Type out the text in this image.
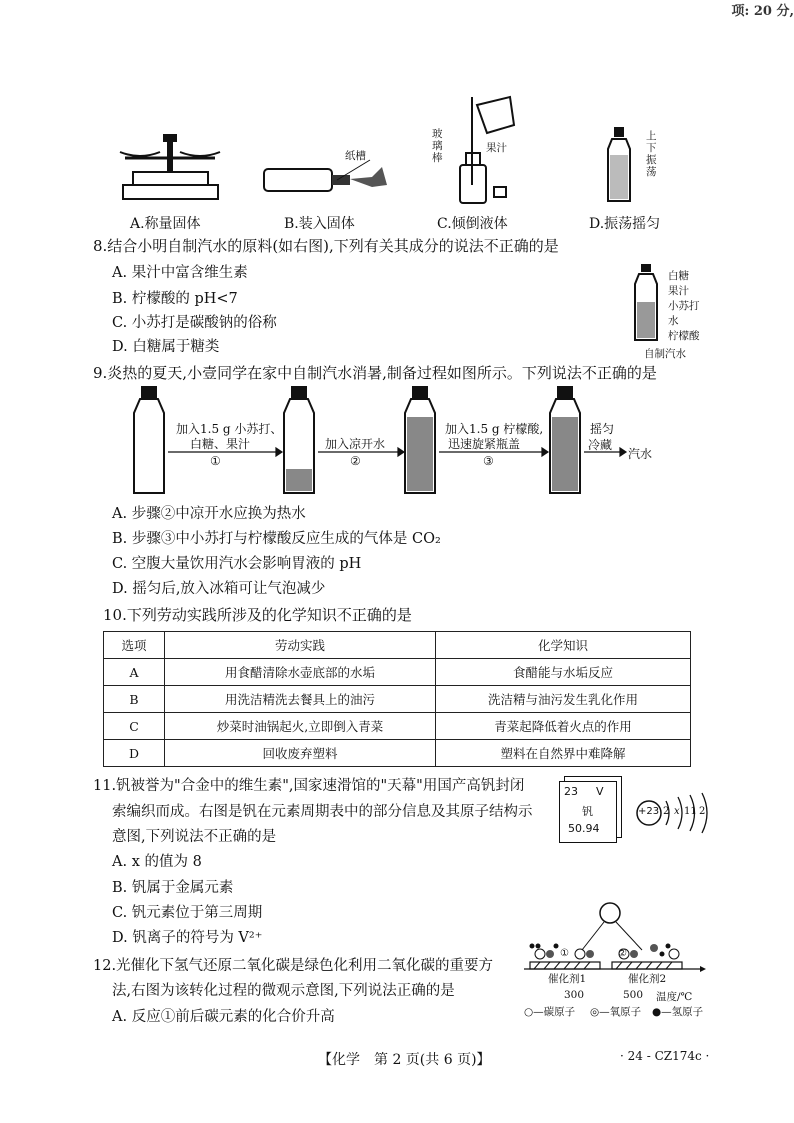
项: 20 分,
A.称量固体
纸槽
B.装入固体
玻璃棒
果汁
C.倾倒液体
上下振荡
D.振荡摇匀
8.结合小明自制汽水的原料(如右图),下列有关其成分的说法不正确的是
A. 果汁中富含维生素
B. 柠檬酸的 pH<7
C. 小苏打是碳酸钠的俗称
D. 白糖属于糖类
白糖
果汁
小苏打
水
柠檬酸
自制汽水
9.炎热的夏天,小壹同学在家中自制汽水消暑,制备过程如图所示。下列说法不正确的是
加入1.5 g 小苏打、
白糖、果汁
①
加入凉开水
②
加入1.5 g 柠檬酸,
迅速旋紧瓶盖
③
摇匀
冷藏
汽水
A. 步骤②中凉开水应换为热水
B. 步骤③中小苏打与柠檬酸反应生成的气体是 CO₂
C. 空腹大量饮用汽水会影响胃液的 pH
D. 摇匀后,放入冰箱可让气泡减少
10.下列劳动实践所涉及的化学知识不正确的是
选项	劳动实践	化学知识
A	用食醋清除水壶底部的水垢	食醋能与水垢反应
B	用洗洁精洗去餐具上的油污	洗洁精与油污发生乳化作用
C	炒菜时油锅起火,立即倒入青菜	青菜起降低着火点的作用
D	回收废弃塑料	塑料在自然界中难降解
11.钒被誉为"合金中的维生素",国家速滑馆的"天幕"用国产高钒封闭
索编织而成。右图是钒在元素周期表中的部分信息及其原子结构示
意图,下列说法不正确的是
A. x 的值为 8
B. 钒属于金属元素
C. 钒元素位于第三周期
D. 钒离子的符号为 V²⁺
23 V
钒
50.94
+23 2 x 11 2
12.光催化下氢气还原二氧化碳是绿色化利用二氧化碳的重要方
法,右图为该转化过程的微观示意图,下列说法正确的是
A. 反应①前后碳元素的化合价升高
①	②
催化剂1	催化剂2
300	500 温度/℃
○—碳原子 ◎—氧原子 ●—氢原子
【化学　第 2 页(共 6 页)】	· 24 - CZ174c ·
